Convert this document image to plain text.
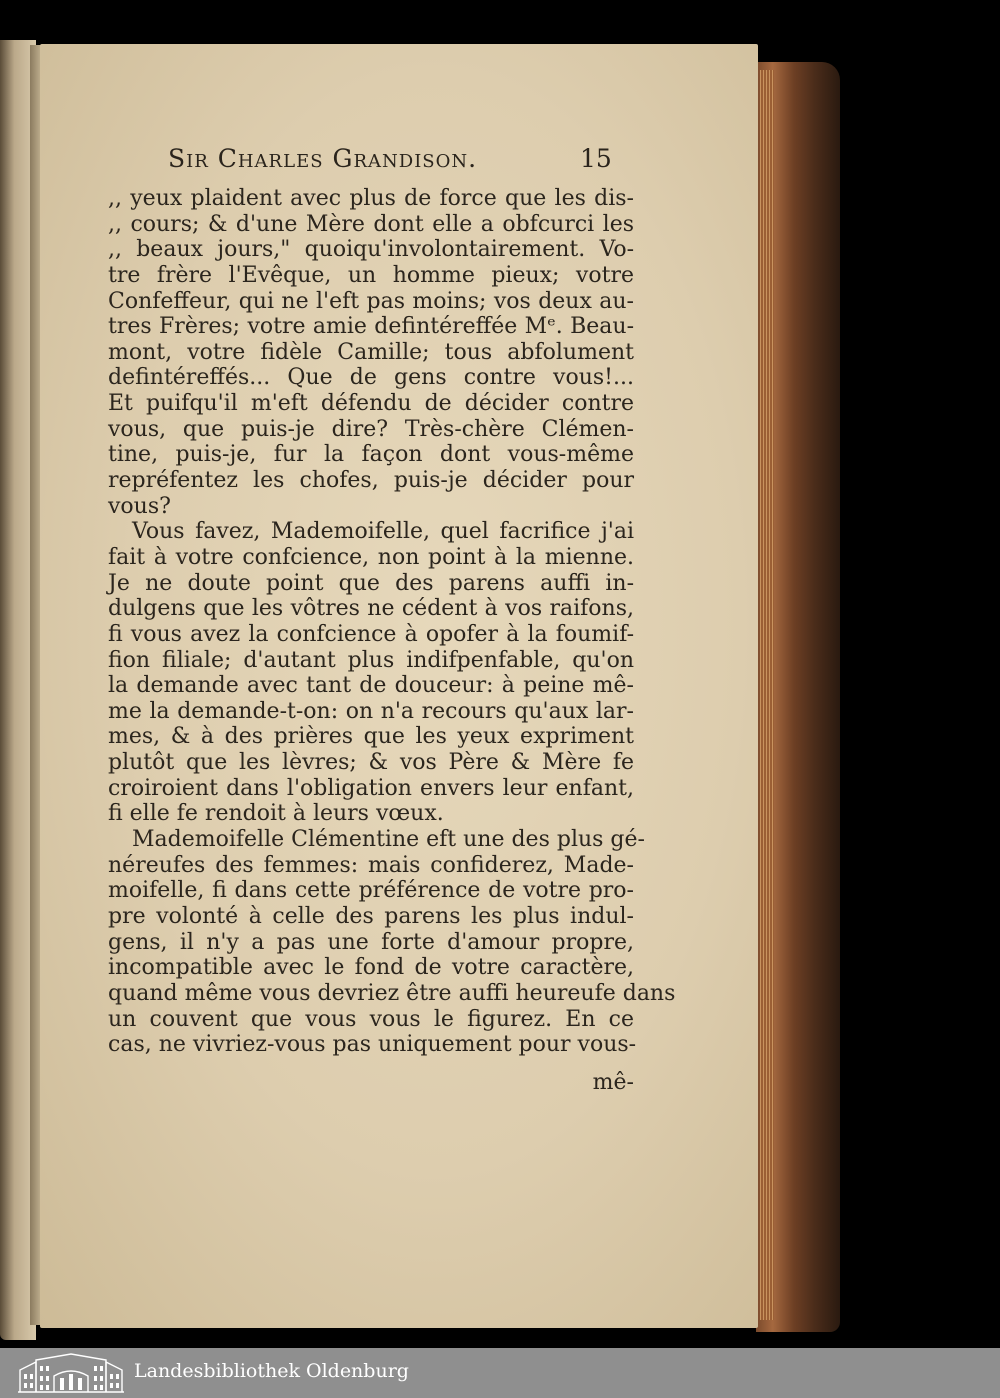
Sir Charles Grandison.	15
,, yeux plaident avec plus de force que les dis-
,, cours; & d'une Mère dont elle a obfcurci les
,, beaux jours," quoiqu'involontairement. Vo-
tre frère l'Evêque, un homme pieux; votre
Confeffeur, qui ne l'eft pas moins; vos deux au-
tres Frères; votre amie defintéreffée Mᵉ. Beau-
mont, votre fidèle Camille; tous abfolument
defintéreffés... Que de gens contre vous!...
Et puifqu'il m'eft défendu de décider contre
vous, que puis-je dire? Très-chère Clémen-
tine, puis-je, fur la façon dont vous-même
repréfentez les chofes, puis-je décider pour
vous?
Vous favez, Mademoifelle, quel facrifice j'ai
fait à votre confcience, non point à la mienne.
Je ne doute point que des parens auffi in-
dulgens que les vôtres ne cédent à vos raifons,
fi vous avez la confcience à opofer à la foumif-
fion filiale; d'autant plus indifpenfable, qu'on
la demande avec tant de douceur: à peine mê-
me la demande-t-on: on n'a recours qu'aux lar-
mes, & à des prières que les yeux expriment
plutôt que les lèvres; & vos Père & Mère fe
croiroient dans l'obligation envers leur enfant,
fi elle fe rendoit à leurs vœux.
Mademoifelle Clémentine eft une des plus gé-
néreufes des femmes: mais confiderez, Made-
moifelle, fi dans cette préférence de votre pro-
pre volonté à celle des parens les plus indul-
gens, il n'y a pas une forte d'amour propre,
incompatible avec le fond de votre caractère,
quand même vous devriez être auffi heureufe dans
un couvent que vous vous le figurez. En ce
cas, ne vivriez-vous pas uniquement pour vous-
mê-
Landesbibliothek Oldenburg
